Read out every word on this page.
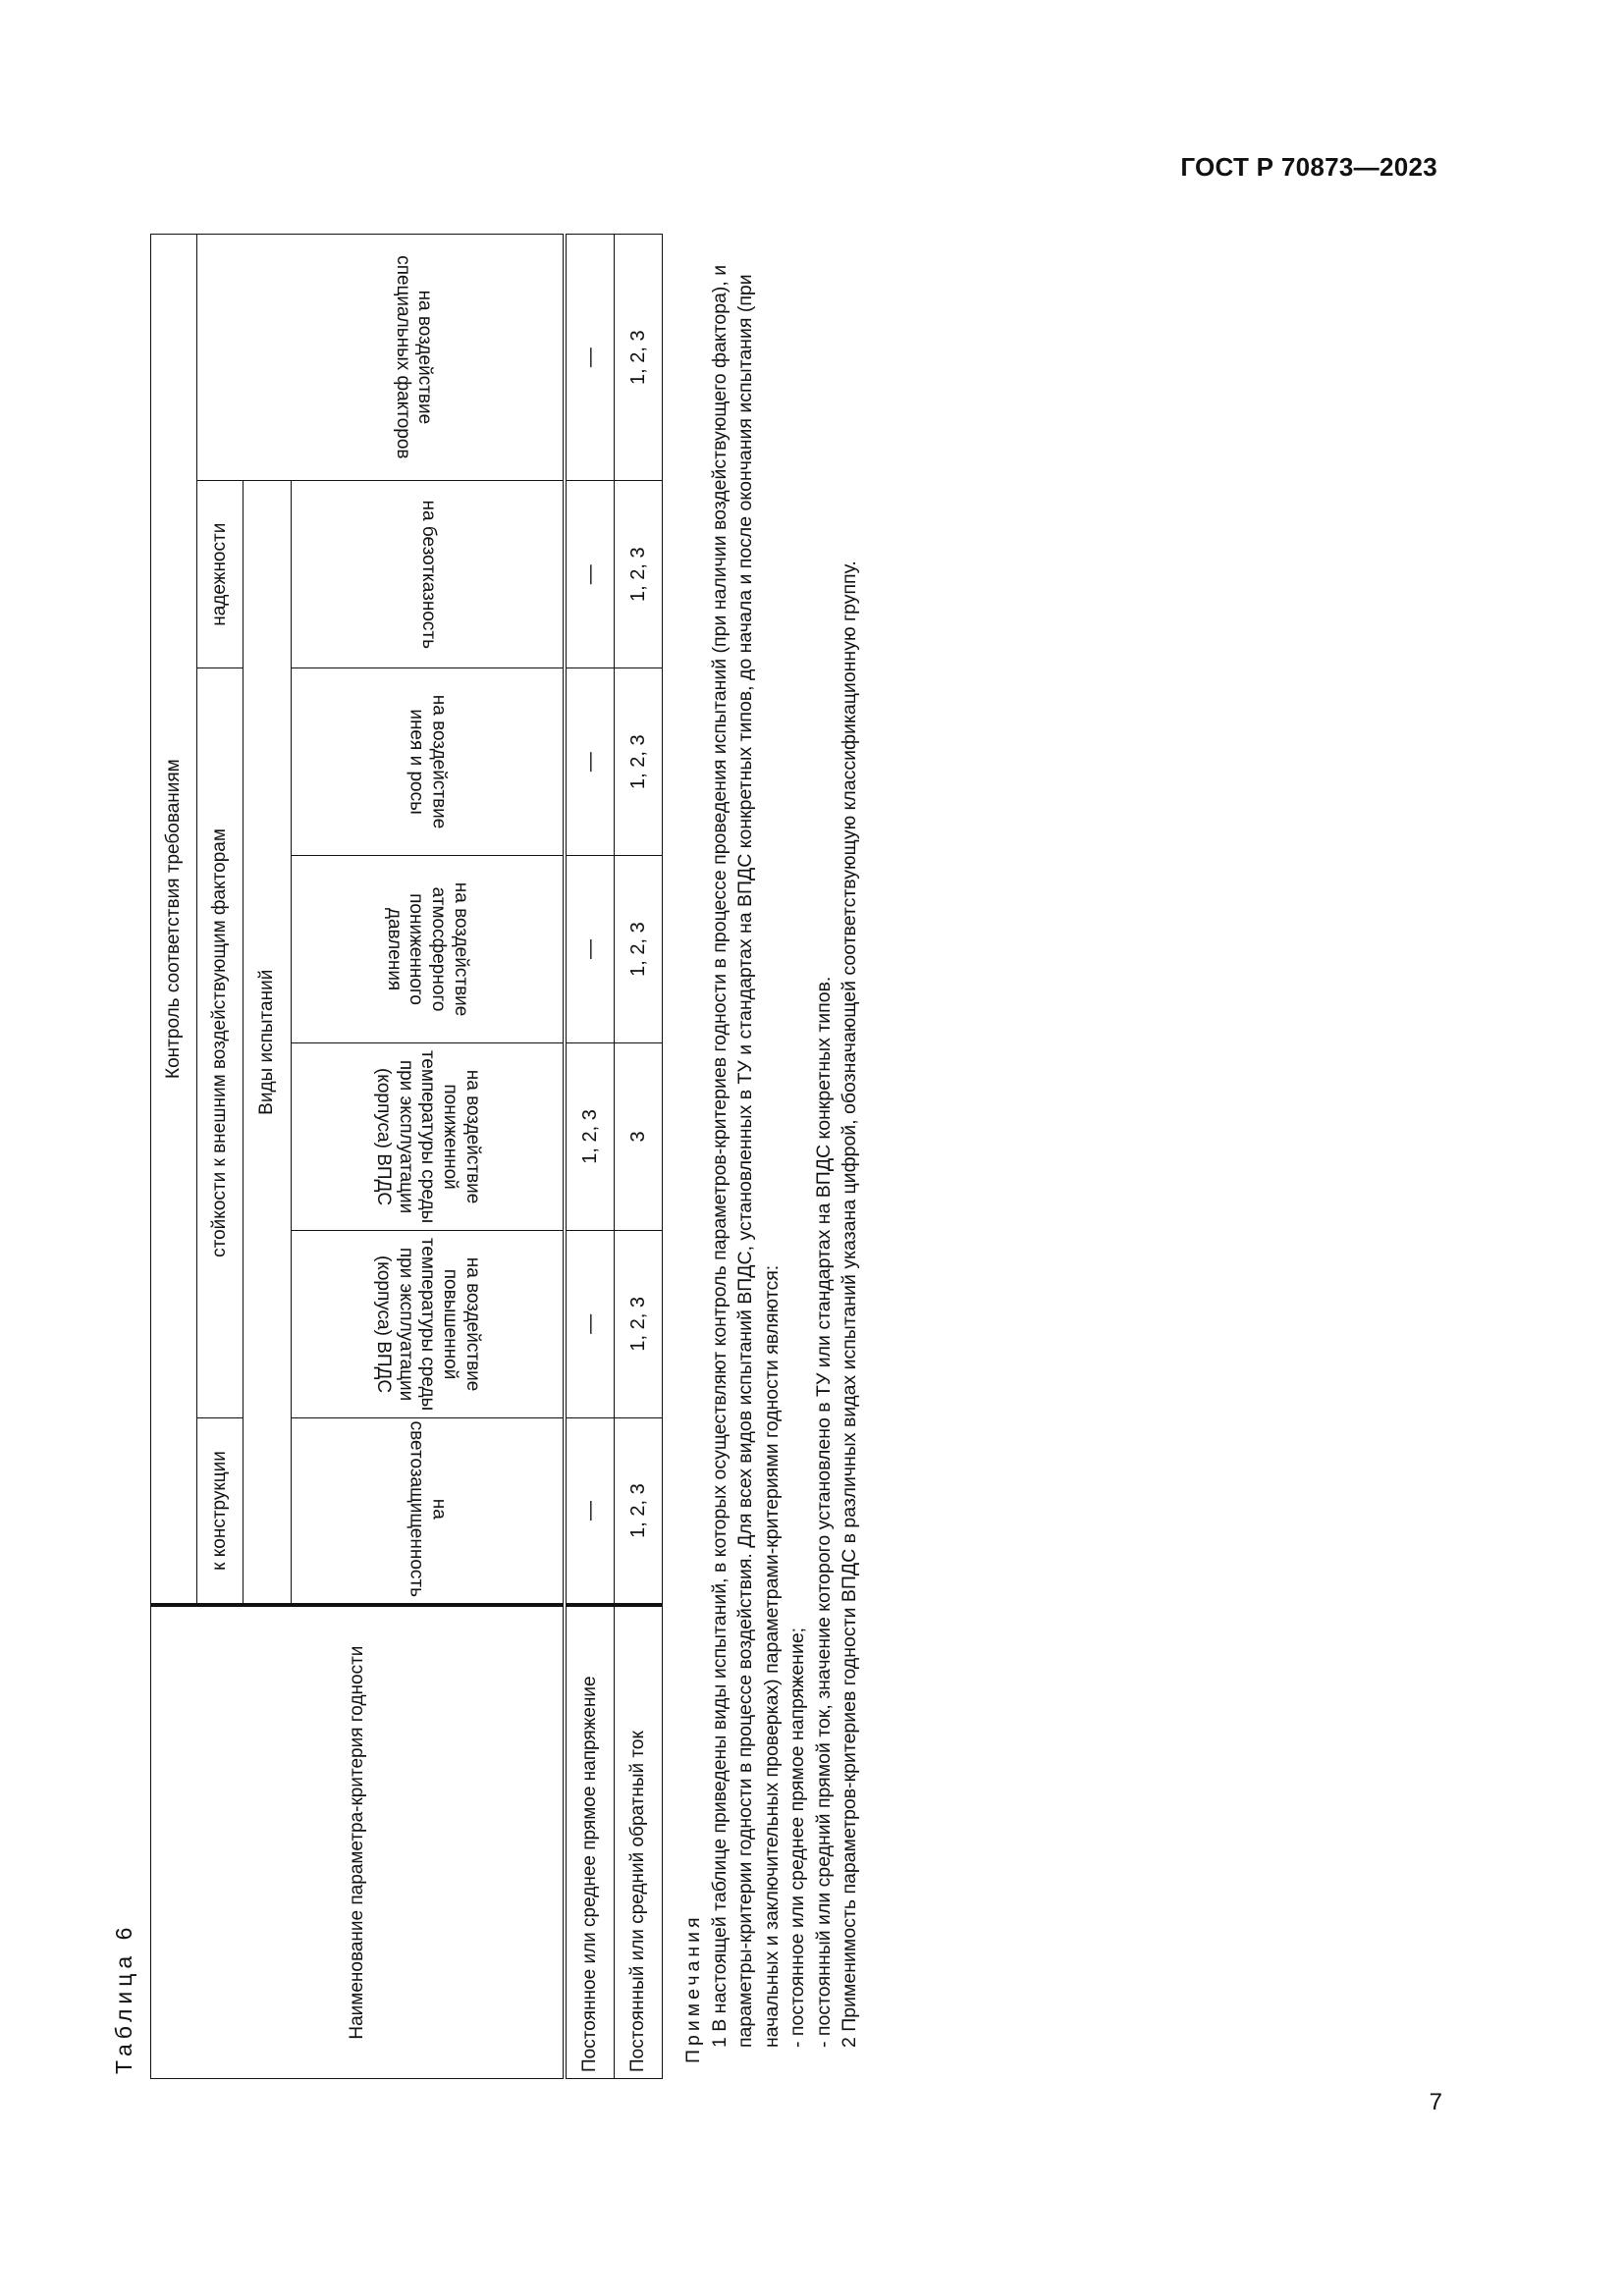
ГОСТ Р 70873—2023
Таблица 6	Наименование параметра-критерия годности	Контроль соответствия требованиям						
	к конструкции	стойкости к внешним воздействующим факторам				надежности	на воздействие специальных факторов

	Виды испытаний						
	на светозащищенность	на воздействие повышенной температуры среды при эксплуатации (корпуса) ВПДС	на воздействие пониженной температуры среды при эксплуатации (корпуса) ВПДС	на воздействие атмосферного пониженного давления	на воздействие инея и росы	на безотказность	
Постоянное или среднее прямое напряжение	—	—	1, 2, 3	—	—	—	—
Постоянный или средний обратный ток	1, 2, 3	1, 2, 3	3	1, 2, 3	1, 2, 3	1, 2, 3	1, 2, 3

Примечания 1 В настоящей таблице приведены виды испытаний, в которых осуществляют контроль параметров-критериев годности в процессе проведения испытаний (при наличии воздействующего фактора), и параметры-критерии годности в процессе воздействия. Для всех видов испытаний ВПДС, установленных в ТУ и стандартах на ВПДС конкретных типов, до начала и после окончания испытания (при начальных и заключительных проверках) параметрами-критериями годности являются: - постоянное или среднее прямое напряжение; - постоянный или средний прямой ток, значение которого установлено в ТУ или стандартах на ВПДС конкретных типов. 2 Применимость параметров-критериев годности ВПДС в различных видах испытаний указана цифрой, обозначающей соответствующую классификационную группу.

7
